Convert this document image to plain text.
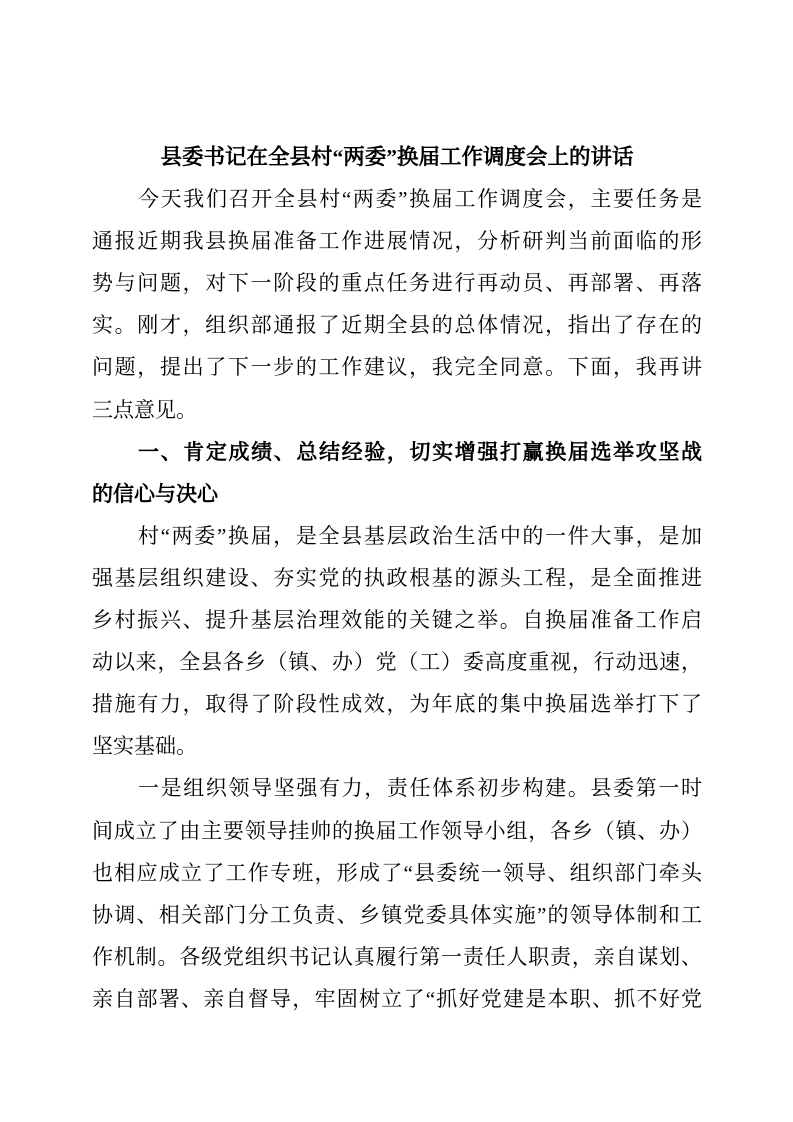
县委书记在全县村“两委”换届工作调度会上的讲话
今天我们召开全县村“两委”换届工作调度会，主要任务是
通报近期我县换届准备工作进展情况，分析研判当前面临的形
势与问题，对下一阶段的重点任务进行再动员、再部署、再落
实。刚才，组织部通报了近期全县的总体情况，指出了存在的
问题，提出了下一步的工作建议，我完全同意。下面，我再讲
三点意见。
一、肯定成绩、总结经验，切实增强打赢换届选举攻坚战
的信心与决心
村“两委”换届，是全县基层政治生活中的一件大事，是加
强基层组织建设、夯实党的执政根基的源头工程，是全面推进
乡村振兴、提升基层治理效能的关键之举。自换届准备工作启
动以来，全县各乡（镇、办）党（工）委高度重视，行动迅速，
措施有力，取得了阶段性成效，为年底的集中换届选举打下了
坚实基础。
一是组织领导坚强有力，责任体系初步构建。县委第一时
间成立了由主要领导挂帅的换届工作领导小组，各乡（镇、办）
也相应成立了工作专班，形成了“县委统一领导、组织部门牵头
协调、相关部门分工负责、乡镇党委具体实施”的领导体制和工
作机制。各级党组织书记认真履行第一责任人职责，亲自谋划、
亲自部署、亲自督导，牢固树立了“抓好党建是本职、抓不好党
